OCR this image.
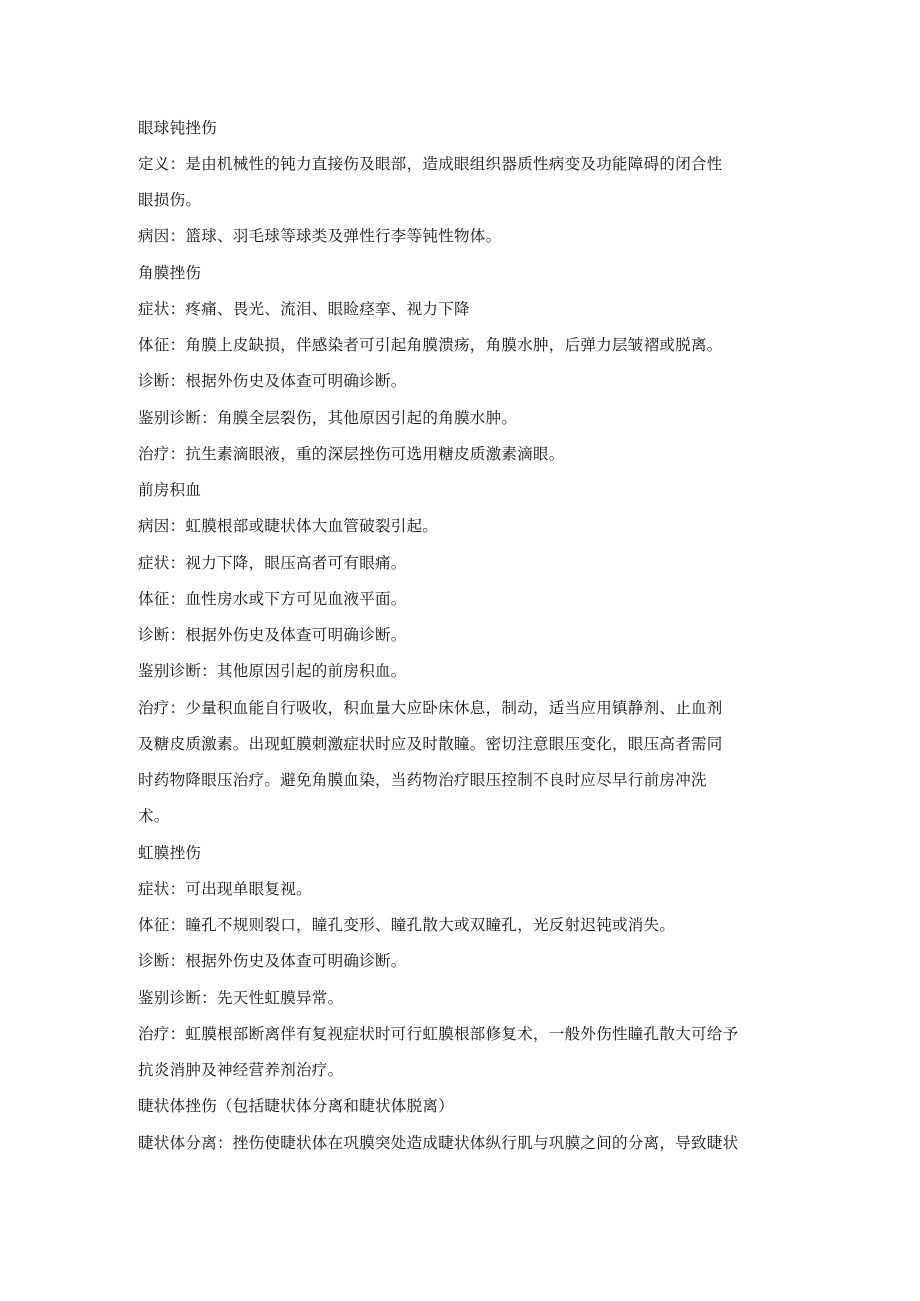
眼球钝挫伤
定义：是由机械性的钝力直接伤及眼部，造成眼组织器质性病变及功能障碍的闭合性
眼损伤。
病因：篮球、羽毛球等球类及弹性行李等钝性物体。
角膜挫伤
症状：疼痛、畏光、流泪、眼睑痉挛、视力下降
体征：角膜上皮缺损，伴感染者可引起角膜溃疡，角膜水肿，后弹力层皱褶或脱离。
诊断：根据外伤史及体查可明确诊断。
鉴别诊断：角膜全层裂伤，其他原因引起的角膜水肿。
治疗：抗生素滴眼液，重的深层挫伤可选用糖皮质激素滴眼。
前房积血
病因：虹膜根部或睫状体大血管破裂引起。
症状：视力下降，眼压高者可有眼痛。
体征：血性房水或下方可见血液平面。
诊断：根据外伤史及体查可明确诊断。
鉴别诊断：其他原因引起的前房积血。
治疗：少量积血能自行吸收，积血量大应卧床休息，制动，适当应用镇静剂、止血剂
及糖皮质激素。出现虹膜刺激症状时应及时散瞳。密切注意眼压变化，眼压高者需同
时药物降眼压治疗。避免角膜血染，当药物治疗眼压控制不良时应尽早行前房冲洗
术。
虹膜挫伤
症状：可出现单眼复视。
体征：瞳孔不规则裂口，瞳孔变形、瞳孔散大或双瞳孔，光反射迟钝或消失。
诊断：根据外伤史及体查可明确诊断。
鉴别诊断：先天性虹膜异常。
治疗：虹膜根部断离伴有复视症状时可行虹膜根部修复术，一般外伤性瞳孔散大可给予
抗炎消肿及神经营养剂治疗。
睫状体挫伤（包括睫状体分离和睫状体脱离）
睫状体分离：挫伤使睫状体在巩膜突处造成睫状体纵行肌与巩膜之间的分离，导致睫状
